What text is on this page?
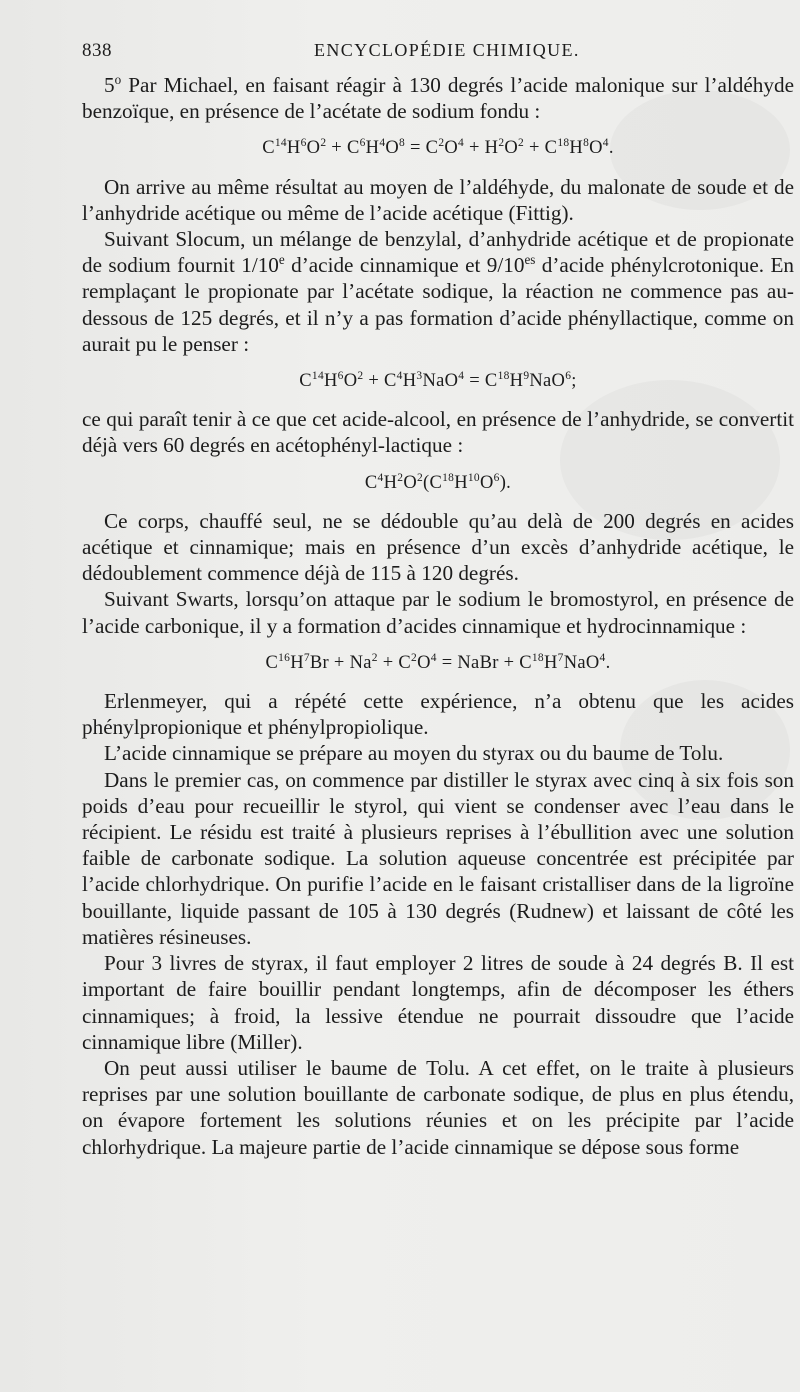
838	ENCYCLOPÉDIE CHIMIQUE.

5$^o$ Par Michael, en faisant réagir à 130 degrés l’acide malonique sur l’aldéhyde benzoïque, en présence de l’acétate de sodium fondu :

$C^{14}H^6O^2 + C^6H^4O^8 = C^2O^4 + H^2O^2 + C^{18}H^8O^4$.

On arrive au même résultat au moyen de l’aldéhyde, du malonate de soude et de l’anhydride acétique ou même de l’acide acétique (Fittig).

Suivant Slocum, un mélange de benzylal, d’anhydride acétique et de propionate de sodium fournit 1/10e d’acide cinnamique et $9/10^{es}$ d’acide phénylcrotonique. En remplaçant le propionate par l’acétate sodique, la réaction ne commence pas au-dessous de 125 degrés, et il n’y a pas formation d’acide phényllactique, comme on aurait pu le penser :

$C^{14}H^6O^2 + C^4H^3NaO^4 = C^{18}H^9NaO^6$;

ce qui paraît tenir à ce que cet acide-alcool, en présence de l’anhydride, se convertit déjà vers 60 degrés en acétophényl-lactique :

$C^4H^2O^2(C^{18}H^{10}O^6)$.

Ce corps, chauffé seul, ne se dédouble qu’au delà de 200 degrés en acides acétique et cinnamique; mais en présence d’un excès d’anhydride acétique, le dédoublement commence déjà de 115 à 120 degrés.

Suivant Swarts, lorsqu’on attaque par le sodium le bromostyrol, en présence de l’acide carbonique, il y a formation d’acides cinnamique et hydrocinnamique :

$C^{16}H^7Br + Na^2 + C^2O^4$ = NaBr + $C^{18}H^7NaO^4$.

Erlenmeyer, qui a répété cette expérience, n’a obtenu que les acides phénylpropionique et phénylpropiolique.

L’acide cinnamique se prépare au moyen du styrax ou du baume de Tolu.

Dans le premier cas, on commence par distiller le styrax avec cinq à six fois son poids d’eau pour recueillir le styrol, qui vient se condenser avec l’eau dans le récipient. Le résidu est traité à plusieurs reprises à l’ébullition avec une solution faible de carbonate sodique. La solution aqueuse concentrée est précipitée par l’acide chlorhydrique. On purifie l’acide en le faisant cristalliser dans de la ligroïne bouillante, liquide passant de 105 à 130 degrés (Rudnew) et laissant de côté les matières résineuses.

Pour 3 livres de styrax, il faut employer 2 litres de soude à 24 degrés B. Il est important de faire bouillir pendant longtemps, afin de décomposer les éthers cinnamiques; à froid, la lessive étendue ne pourrait dissoudre que l’acide cinnamique libre (Miller).

On peut aussi utiliser le baume de Tolu. A cet effet, on le traite à plusieurs reprises par une solution bouillante de carbonate sodique, de plus en plus étendu, on évapore fortement les solutions réunies et on les précipite par l’acide chlorhydrique. La majeure partie de l’acide cinnamique se dépose sous forme
